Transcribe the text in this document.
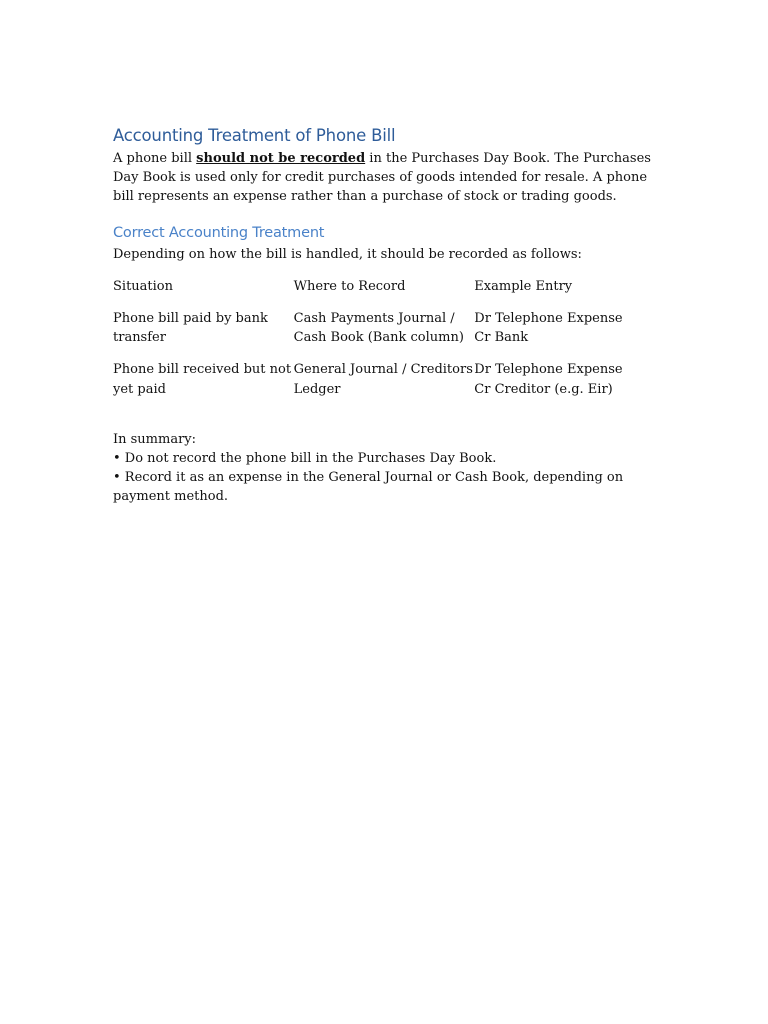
Accounting Treatment of Phone Bill

A phone bill should not be recorded in the Purchases Day Book. The Purchases Day Book is used only for credit purchases of goods intended for resale. A phone bill represents an expense rather than a purchase of stock or trading goods.

Correct Accounting Treatment

Depending on how the bill is handled, it should be recorded as follows:

Situation	Where to Record	Example Entry
Phone bill paid by bank transfer	Cash Payments Journal / Cash Book (Bank column)	Dr Telephone Expense
Cr Bank

Phone bill received but not yet paid	General Journal / Creditors Ledger	Dr Telephone Expense
Cr Creditor (e.g. Eir)

In summary:

• Do not record the phone bill in the Purchases Day Book.

• Record it as an expense in the General Journal or Cash Book, depending on payment method.
